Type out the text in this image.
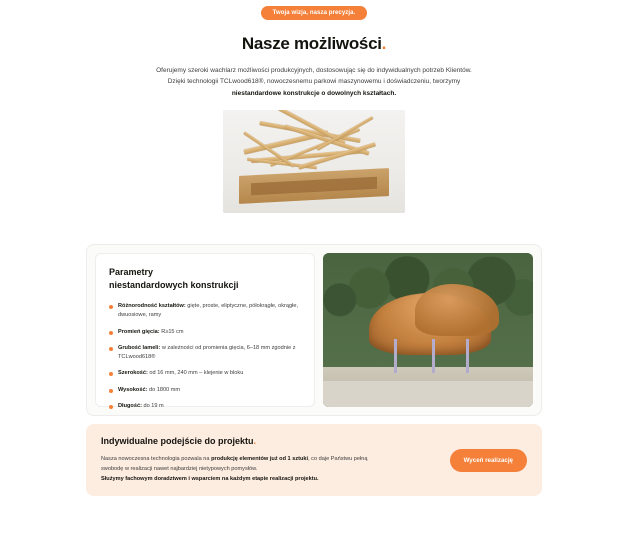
Twoja wizja, nasza precyzja.
Nasze możliwości.
Oferujemy szeroki wachlarz możliwości produkcyjnych, dostosowując się do indywidualnych potrzeb Klientów.
Dzięki technologii TCLwood618®, nowoczesnemu parkowi maszynowemu i doświadczeniu, tworzymy
niestandardowe konstrukcje o dowolnych kształtach.
Parametry
niestandardowych konstrukcji
Różnorodność kształtów: gięte, proste, eliptyczne, półokrągłe, okrągłe, dwuosiowe, ramy
Promień gięcia: R≥15 cm
Grubość lameli: w zależności od promienia gięcia, 6–18 mm zgodnie z TCLwood618®
Szerokość: od 16 mm, 240 mm – klejenie w bloku
Wysokość: do 1800 mm
Długość: do 19 m
Indywidualne podejście do projektu.
Nasza nowoczesna technologia pozwala na produkcję elementów już od 1 sztuki, co daje Państwu pełną
swobodę w realizacji nawet najbardziej nietypowych pomysłów.
Służymy fachowym doradztwem i wsparciem na każdym etapie realizacji projektu.
Wyceń realizację
